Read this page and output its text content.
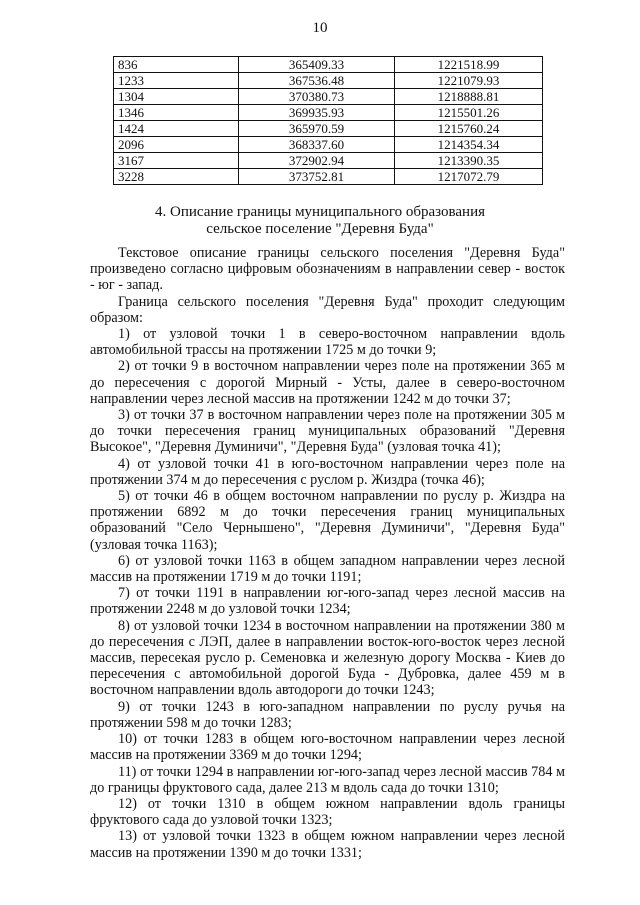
10
836	365409.33	1221518.99
1233	367536.48	1221079.93
1304	370380.73	1218888.81
1346	369935.93	1215501.26
1424	365970.59	1215760.24
2096	368337.60	1214354.34
3167	372902.94	1213390.35
3228	373752.81	1217072.79
4. Описание границы муниципального образования
сельское поселение "Деревня Буда"

Текстовое описание границы сельского поселения "Деревня Буда" произведено согласно цифровым обозначениям в направлении север - восток - юг - запад.

Граница сельского поселения "Деревня Буда" проходит следующим образом:

1) от узловой точки 1 в северо-восточном направлении вдоль автомобильной трассы на протяжении 1725 м до точки 9;

2) от точки 9 в восточном направлении через поле на протяжении 365 м до пересечения с дорогой Мирный - Усты, далее в северо-восточном направлении через лесной массив на протяжении 1242 м до точки 37;

3) от точки 37 в восточном направлении через поле на протяжении 305 м до точки пересечения границ муниципальных образований "Деревня Высокое", "Деревня Думиничи", "Деревня Буда" (узловая точка 41);

4) от узловой точки 41 в юго-восточном направлении через поле на протяжении 374 м до пересечения с руслом р. Жиздра (точка 46);

5) от точки 46 в общем восточном направлении по руслу р. Жиздра на протяжении 6892 м до точки пересечения границ муниципальных образований "Село Чернышено", "Деревня Думиничи", "Деревня Буда" (узловая точка 1163);

6) от узловой точки 1163 в общем западном направлении через лесной массив на протяжении 1719 м до точки 1191;

7) от точки 1191 в направлении юг-юго-запад через лесной массив на протяжении 2248 м до узловой точки 1234;

8) от узловой точки 1234 в восточном направлении на протяжении 380 м до пересечения с ЛЭП, далее в направлении восток-юго-восток через лесной массив, пересекая русло р. Семеновка и железную дорогу Москва - Киев до пересечения с автомобильной дорогой Буда - Дубровка, далее 459 м в восточном направлении вдоль автодороги до точки 1243;

9) от точки 1243 в юго-западном направлении по руслу ручья на протяжении 598 м до точки 1283;

10) от точки 1283 в общем юго-восточном направлении через лесной массив на протяжении 3369 м до точки 1294;

11) от точки 1294 в направлении юг-юго-запад через лесной массив 784 м до границы фруктового сада, далее 213 м вдоль сада до точки 1310;

12) от точки 1310 в общем южном направлении вдоль границы фруктового сада до узловой точки 1323;

13) от узловой точки 1323 в общем южном направлении через лесной массив на протяжении 1390 м до точки 1331;
